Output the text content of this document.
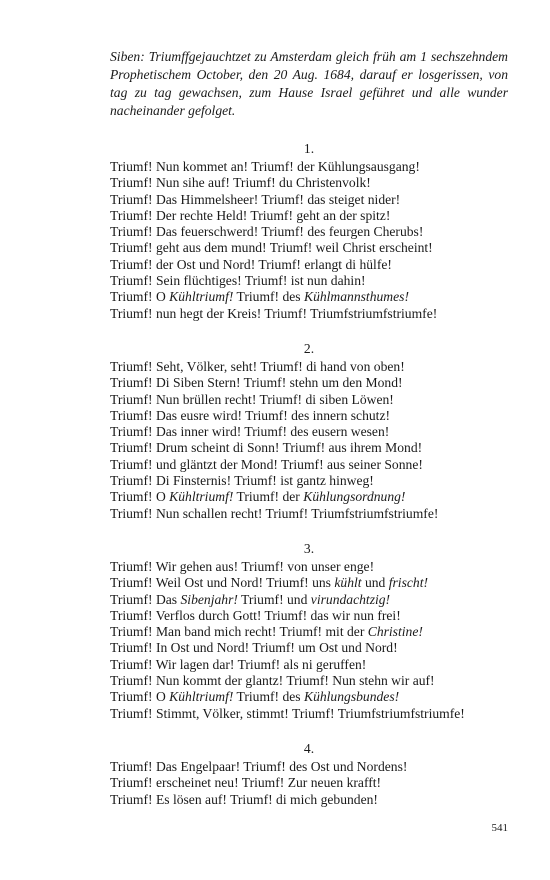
Siben: Triumffgejauchtzet zu Amsterdam gleich früh am 1 sechszehndem Prophetischem October, den 20 Aug. 1684, darauf er losgerissen, von tag zu tag gewachsen, zum Hause Israel geführet und alle wunder nacheinander gefolget.

1.
Triumf! Nun kommet an! Triumf! der Kühlungsausgang!
Triumf! Nun sihe auf! Triumf! du Christenvolk!
Triumf! Das Himmelsheer! Triumf! das steiget nider!
Triumf! Der rechte Held! Triumf! geht an der spitz!
Triumf! Das feuerschwerd! Triumf! des feurgen Cherubs!
Triumf! geht aus dem mund! Triumf! weil Christ erscheint!
Triumf! der Ost und Nord! Triumf! erlangt di hülfe!
Triumf! Sein flüchtiges! Triumf! ist nun dahin!
Triumf! O Kühltriumf! Triumf! des Kühlmannsthumes!
Triumf! nun hegt der Kreis! Triumf! Triumfstriumfstriumfe!
2.
Triumf! Seht, Völker, seht! Triumf! di hand von oben!
Triumf! Di Siben Stern! Triumf! stehn um den Mond!
Triumf! Nun brüllen recht! Triumf! di siben Löwen!
Triumf! Das eusre wird! Triumf! des innern schutz!
Triumf! Das inner wird! Triumf! des eusern wesen!
Triumf! Drum scheint di Sonn! Triumf! aus ihrem Mond!
Triumf! und gläntzt der Mond! Triumf! aus seiner Sonne!
Triumf! Di Finsternis! Triumf! ist gantz hinweg!
Triumf! O Kühltriumf! Triumf! der Kühlungsordnung!
Triumf! Nun schallen recht! Triumf! Triumfstriumfstriumfe!
3.
Triumf! Wir gehen aus! Triumf! von unser enge!
Triumf! Weil Ost und Nord! Triumf! uns kühlt und frischt!
Triumf! Das Sibenjahr! Triumf! und virundachtzig!
Triumf! Verflos durch Gott! Triumf! das wir nun frei!
Triumf! Man band mich recht! Triumf! mit der Christine!
Triumf! In Ost und Nord! Triumf! um Ost und Nord!
Triumf! Wir lagen dar! Triumf! als ni geruffen!
Triumf! Nun kommt der glantz! Triumf! Nun stehn wir auf!
Triumf! O Kühltriumf! Triumf! des Kühlungsbundes!
Triumf! Stimmt, Völker, stimmt! Triumf! Triumfstriumfstriumfe!
4.
Triumf! Das Engelpaar! Triumf! des Ost und Nordens!
Triumf! erscheinet neu! Triumf! Zur neuen krafft!
Triumf! Es lösen auf! Triumf! di mich gebunden!
541
